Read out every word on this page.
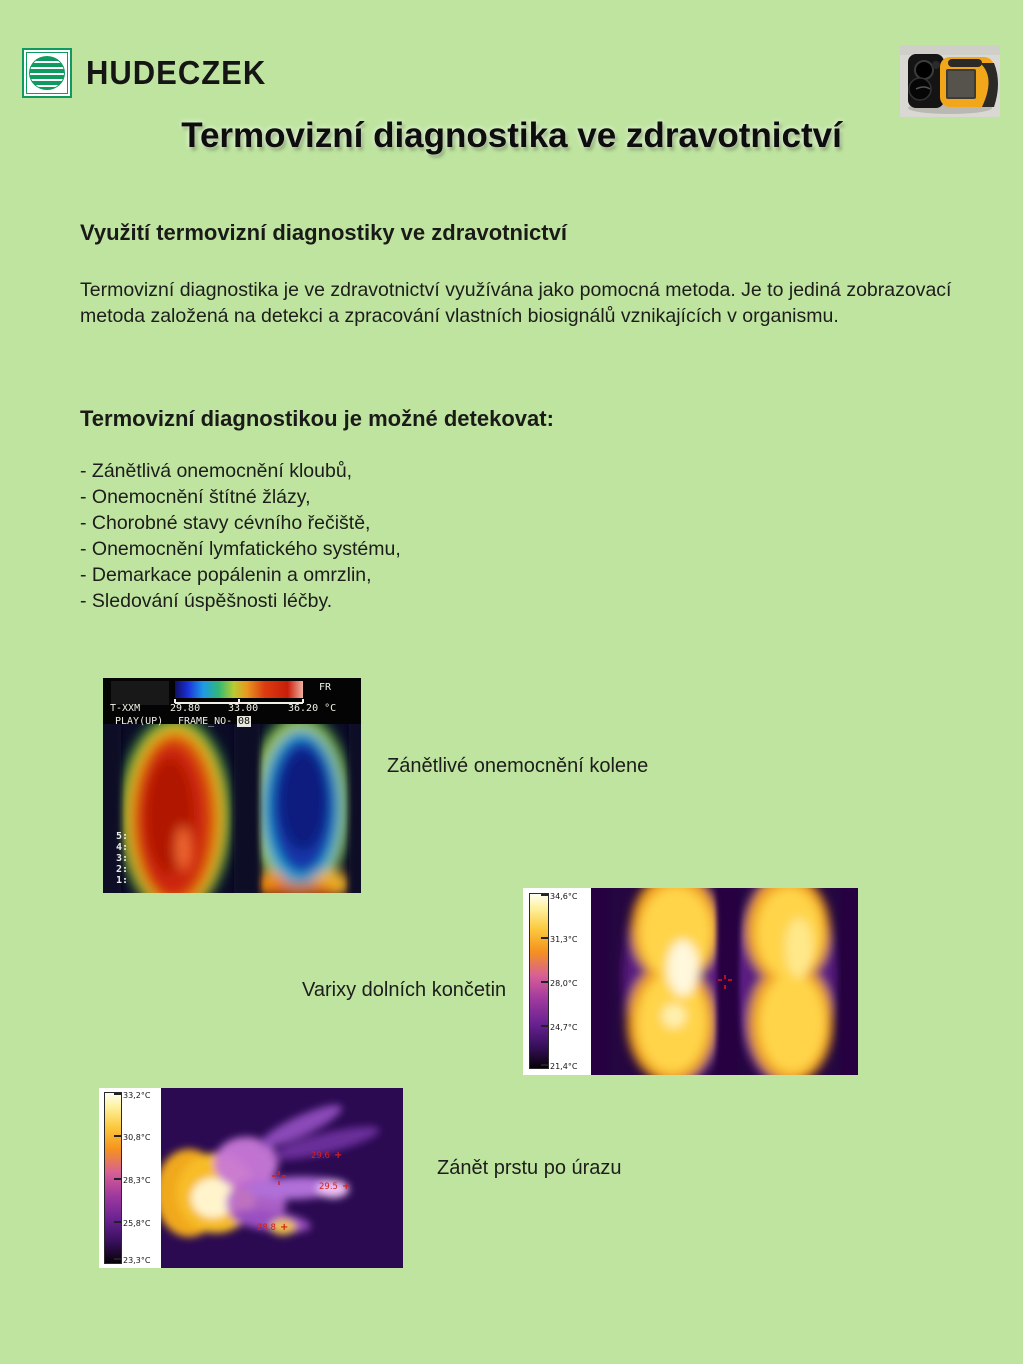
HUDECZEK
Termovizní diagnostika ve zdravotnictví
Využití termovizní diagnostiky ve zdravotnictví
Termovizní diagnostika je ve zdravotnictví využívána jako pomocná metoda. Je to jediná zobrazovací metoda založená na detekci a zpracování vlastních biosignálů vznikajících v organismu.
Termovizní diagnostikou je možné detekovat:
- Zánětlivá onemocnění kloubů,
- Onemocnění štítné žlázy,
- Chorobné stavy cévního řečiště,
- Onemocnění lymfatického systému,
- Demarkace popálenin a omrzlin,
- Sledování úspěšnosti léčby.
FR
T-XXM	29.80	33.00	36.20 °C
PLAY(UP) FRAME_NO- 08
5:
4:
3:
2:
1:
Zánětlivé onemocnění kolene
34,6°C
31,3°C
28,0°C
24,7°C
21,4°C
Varixy dolních končetin
33,2°C
30,8°C
28,3°C
25,8°C
23,3°C
29.6 +
29.5 +
28.8 +
Zánět prstu po úrazu
